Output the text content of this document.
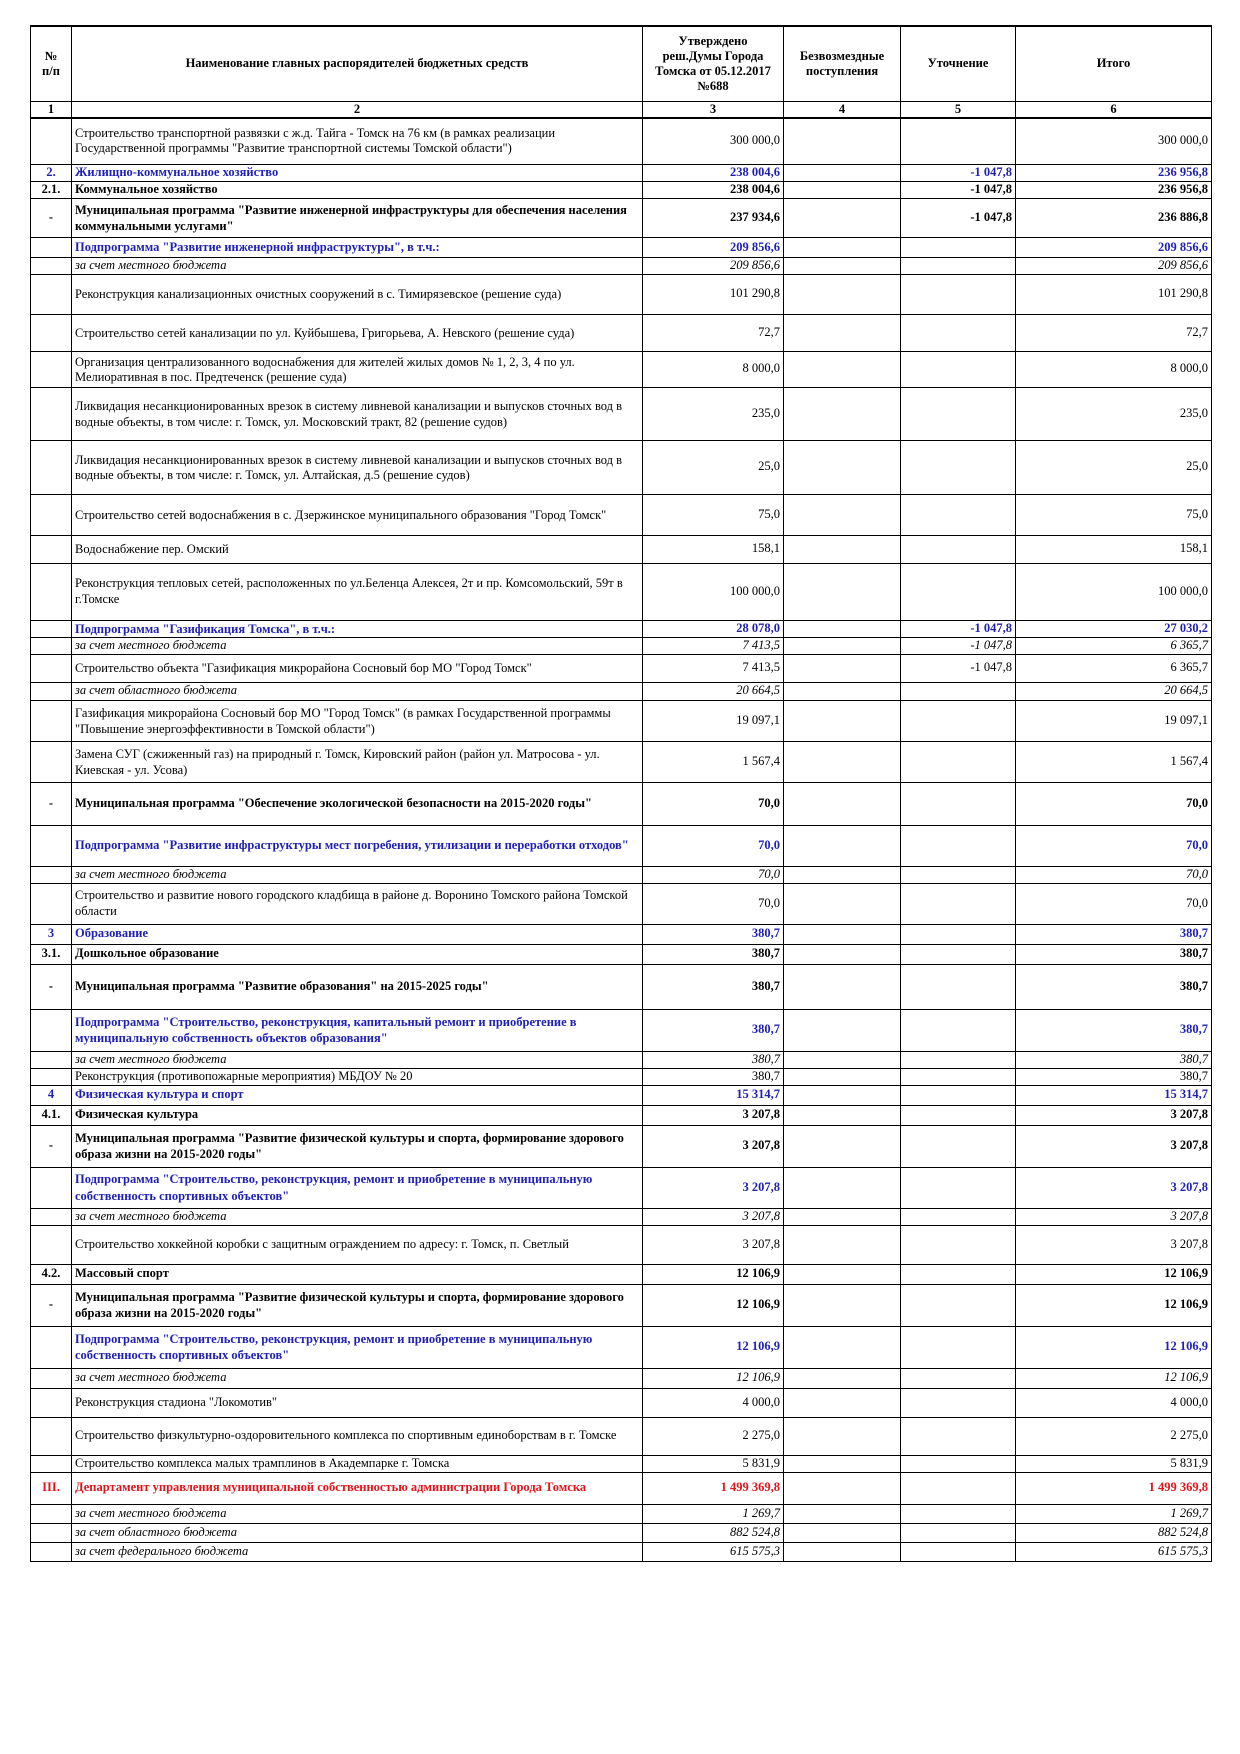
№
п/п	Наименование главных распорядителей бюджетных средств	Утверждено
реш.Думы Города
Томска от 05.12.2017
№688	Безвозмездные
поступления	Уточнение	Итого
1	2	3	4	5	6
	Строительство транспортной развязки с ж.д. Тайга - Томск на 76 км (в рамках реализации Государственной программы "Развитие транспортной системы Томской области")	300 000,0			300 000,0
2.	Жилищно-коммунальное хозяйство	238 004,6		-1 047,8	236 956,8
2.1.	Коммунальное хозяйство	238 004,6		-1 047,8	236 956,8
-	Муниципальная программа "Развитие инженерной инфраструктуры для обеспечения населения коммунальными услугами"	237 934,6		-1 047,8	236 886,8
	Подпрограмма "Развитие инженерной инфраструктуры", в т.ч.:	209 856,6			209 856,6
	за счет местного бюджета	209 856,6			209 856,6
	Реконструкция канализационных очистных сооружений в с. Тимирязевское (решение суда)	101 290,8			101 290,8
	Строительство сетей канализации по ул. Куйбышева, Григорьева, А. Невского (решение суда)	72,7			72,7
	Организация централизованного водоснабжения для жителей жилых домов № 1, 2, 3, 4 по ул. Мелиоративная в пос. Предтеченск (решение суда)	8 000,0			8 000,0
	Ликвидация несанкционированных врезок в систему ливневой канализации и выпусков сточных вод в водные объекты, в том числе: г. Томск, ул. Московский тракт, 82 (решение судов)	235,0			235,0
	Ликвидация несанкционированных врезок в систему ливневой канализации и выпусков сточных вод в водные объекты, в том числе: г. Томск, ул. Алтайская, д.5 (решение судов)	25,0			25,0
	Строительство сетей водоснабжения в с. Дзержинское муниципального образования "Город Томск"	75,0			75,0
	Водоснабжение пер. Омский	158,1			158,1
	Реконструкция тепловых сетей, расположенных по ул.Беленца Алексея, 2т и пр. Комсомольский, 59т в г.Томске	100 000,0			100 000,0
	Подпрограмма "Газификация Томска", в т.ч.:	28 078,0		-1 047,8	27 030,2
	за счет местного бюджета	7 413,5		-1 047,8	6 365,7
	Строительство объекта "Газификация микрорайона Сосновый бор МО "Город Томск"	7 413,5		-1 047,8	6 365,7
	за счет областного бюджета	20 664,5			20 664,5
	Газификация микрорайона Сосновый бор МО "Город Томск" (в рамках Государственной программы "Повышение энергоэффективности в Томской области")	19 097,1			19 097,1
	Замена СУГ (сжиженный газ) на природный г. Томск, Кировский район (район ул. Матросова - ул. Киевская - ул. Усова)	1 567,4			1 567,4
-	Муниципальная программа "Обеспечение экологической безопасности на 2015-2020 годы"	70,0			70,0
	Подпрограмма "Развитие инфраструктуры мест погребения, утилизации и переработки отходов"	70,0			70,0
	за счет местного бюджета	70,0			70,0
	Строительство и развитие нового городского кладбища в районе д. Воронино Томского района Томской области	70,0			70,0
3	Образование	380,7			380,7
3.1.	Дошкольное образование	380,7			380,7
-	Муниципальная программа "Развитие образования" на 2015-2025 годы"	380,7			380,7
	Подпрограмма "Строительство, реконструкция, капитальный ремонт и приобретение в муниципальную собственность объектов образования"	380,7			380,7
	за счет местного бюджета	380,7			380,7
	Реконструкция (противопожарные мероприятия) МБДОУ № 20	380,7			380,7
4	Физическая культура и спорт	15 314,7			15 314,7
4.1.	Физическая культура	3 207,8			3 207,8
-	Муниципальная программа "Развитие физической культуры и спорта, формирование здорового образа жизни на 2015-2020 годы"	3 207,8			3 207,8
	Подпрограмма "Строительство, реконструкция, ремонт и приобретение в муниципальную собственность спортивных объектов"	3 207,8			3 207,8
	за счет местного бюджета	3 207,8			3 207,8
	Строительство хоккейной коробки с защитным ограждением по адресу: г. Томск, п. Светлый	3 207,8			3 207,8
4.2.	Массовый спорт	12 106,9			12 106,9
-	Муниципальная программа "Развитие физической культуры и спорта, формирование здорового образа жизни на 2015-2020 годы"	12 106,9			12 106,9
	Подпрограмма "Строительство, реконструкция, ремонт и приобретение в муниципальную собственность спортивных объектов"	12 106,9			12 106,9
	за счет местного бюджета	12 106,9			12 106,9
	Реконструкция стадиона "Локомотив"	4 000,0			4 000,0
	Строительство физкультурно-оздоровительного комплекса по спортивным единоборствам в г. Томске	2 275,0			2 275,0
	Строительство комплекса малых трамплинов в Академпарке г. Томска	5 831,9			5 831,9
III.	Департамент управления муниципальной собственностью администрации Города Томска	1 499 369,8			1 499 369,8
	за счет местного бюджета	1 269,7			1 269,7
	за счет областного бюджета	882 524,8			882 524,8
	за счет федерального бюджета	615 575,3			615 575,3
